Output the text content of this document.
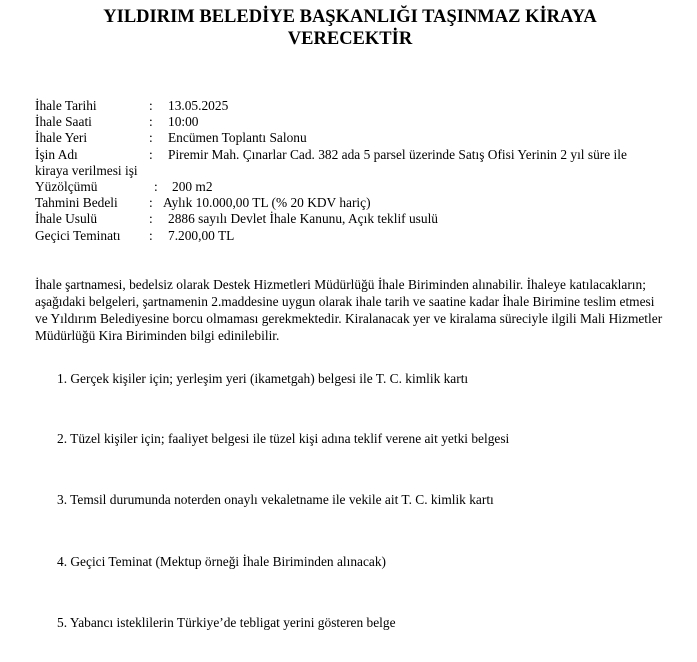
YILDIRIM BELEDİYE BAŞKANLIĞI TAŞINMAZ KİRAYA
VERECEKTİR
İhale Tarihi	: 13.05.2025
İhale Saati	: 10:00
İhale Yeri	: Encümen Toplantı Salonu
İşin Adı	: Piremir Mah. Çınarlar Cad. 382 ada 5 parsel üzerinde Satış Ofisi Yerinin 2 yıl süre ile
kiraya verilmesi işi
Yüzölçümü	: 200 m2
Tahmini Bedeli : Aylık 10.000,00 TL (% 20 KDV hariç)
İhale Usulü	: 2886 sayılı Devlet İhale Kanunu, Açık teklif usulü
Geçici Teminatı : 7.200,00 TL
İhale şartnamesi, bedelsiz olarak Destek Hizmetleri Müdürlüğü İhale Biriminden alınabilir. İhaleye katılacakların; aşağıdaki belgeleri, şartnamenin 2.maddesine uygun olarak ihale tarih ve saatine kadar İhale Birimine teslim etmesi ve Yıldırım Belediyesine borcu olmaması gerekmektedir. Kiralanacak yer ve kiralama süreciyle ilgili Mali Hizmetler Müdürlüğü Kira Biriminden bilgi edinilebilir.
1. Gerçek kişiler için; yerleşim yeri (ikametgah) belgesi ile T. C. kimlik kartı
2. Tüzel kişiler için; faaliyet belgesi ile tüzel kişi adına teklif verene ait yetki belgesi
3. Temsil durumunda noterden onaylı vekaletname ile vekile ait T. C. kimlik kartı
4. Geçici Teminat (Mektup örneği İhale Biriminden alınacak)
5. Yabancı isteklilerin Türkiye’de tebligat yerini gösteren belge
